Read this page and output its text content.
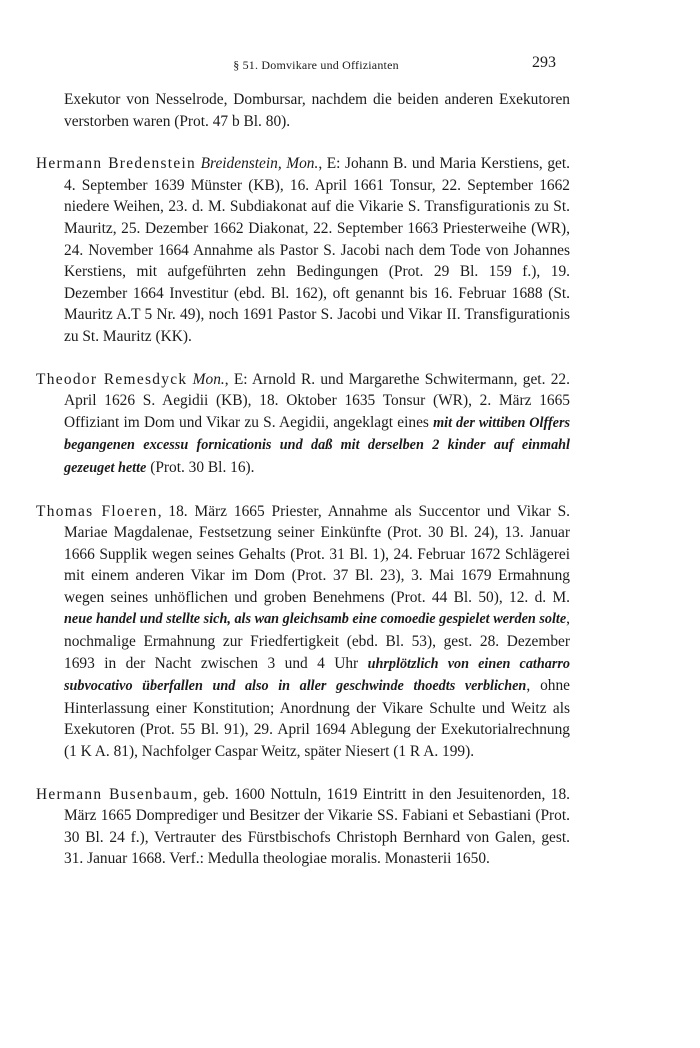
§ 51. Domvikare und Offizianten	293

Exekutor von Nesselrode, Dombursar, nachdem die beiden anderen Exekutoren verstorben waren (Prot. 47 b Bl. 80).

Hermann Bredenstein Breidenstein, Mon., E: Johann B. und Maria Kerstiens, get. 4. September 1639 Münster (KB), 16. April 1661 Tonsur, 22. September 1662 niedere Weihen, 23. d. M. Subdiakonat auf die Vikarie S. Transfigurationis zu St. Mauritz, 25. Dezember 1662 Diakonat, 22. September 1663 Priesterweihe (WR), 24. November 1664 Annahme als Pastor S. Jacobi nach dem Tode von Johannes Kerstiens, mit aufgeführten zehn Bedingungen (Prot. 29 Bl. 159 f.), 19. Dezember 1664 Investitur (ebd. Bl. 162), oft genannt bis 16. Februar 1688 (St. Mauritz A.T 5 Nr. 49), noch 1691 Pastor S. Jacobi und Vikar II. Transfigurationis zu St. Mauritz (KK).

Theodor Remesdyck Mon., E: Arnold R. und Margarethe Schwitermann, get. 22. April 1626 S. Aegidii (KB), 18. Oktober 1635 Tonsur (WR), 2. März 1665 Offiziant im Dom und Vikar zu S. Aegidii, angeklagt eines mit der wittiben Olffers begangenen excessu fornicationis und daß mit derselben 2 kinder auf einmahl gezeuget hette (Prot. 30 Bl. 16).

Thomas Floeren, 18. März 1665 Priester, Annahme als Succentor und Vikar S. Mariae Magdalenae, Festsetzung seiner Einkünfte (Prot. 30 Bl. 24), 13. Januar 1666 Supplik wegen seines Gehalts (Prot. 31 Bl. 1), 24. Februar 1672 Schlägerei mit einem anderen Vikar im Dom (Prot. 37 Bl. 23), 3. Mai 1679 Ermahnung wegen seines unhöflichen und groben Benehmens (Prot. 44 Bl. 50), 12. d. M. neue handel und stellte sich, als wan gleichsamb eine comoedie gespielet werden solte, nochmalige Ermahnung zur Friedfertigkeit (ebd. Bl. 53), gest. 28. Dezember 1693 in der Nacht zwischen 3 und 4 Uhr uhrplötzlich von einen catharro subvocativo überfallen und also in aller geschwinde thoedts verblichen, ohne Hinterlassung einer Konstitution; Anordnung der Vikare Schulte und Weitz als Exekutoren (Prot. 55 Bl. 91), 29. April 1694 Ablegung der Exekutorialrechnung (1 K A. 81), Nachfolger Caspar Weitz, später Niesert (1 R A. 199).

Hermann Busenbaum, geb. 1600 Nottuln, 1619 Eintritt in den Jesuitenorden, 18. März 1665 Domprediger und Besitzer der Vikarie SS. Fabiani et Sebastiani (Prot. 30 Bl. 24 f.), Vertrauter des Fürstbischofs Christoph Bernhard von Galen, gest. 31. Januar 1668. Verf.: Medulla theologiae moralis. Monasterii 1650.
